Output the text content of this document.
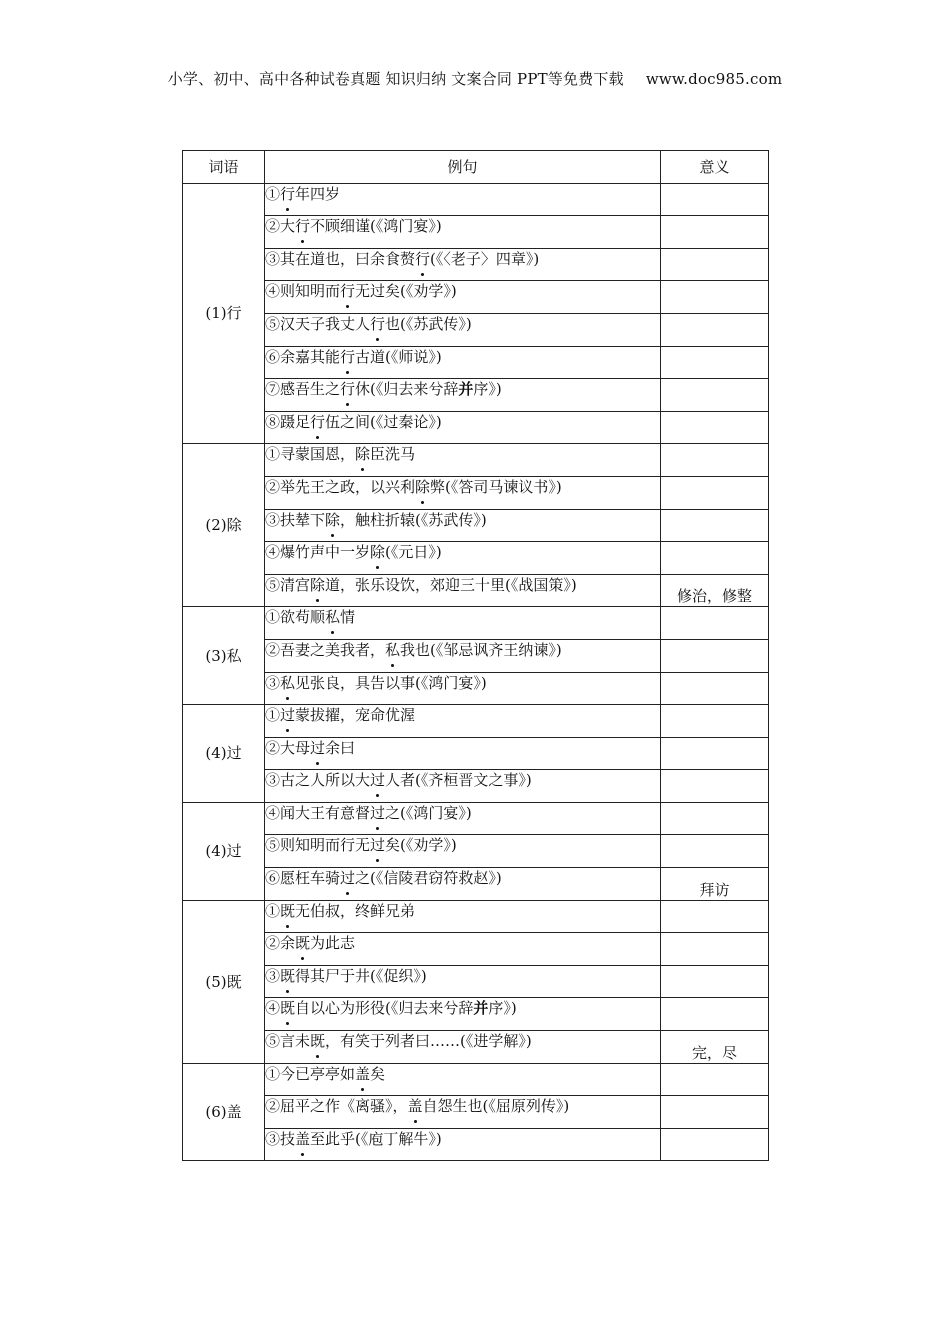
小学、初中、高中各种试卷真题 知识归纳 文案合同 PPT等免费下载 www.doc985.com
词语	例句	意义
(1)行	①行年四岁	
	②大行不顾细谨(《鸿门宴》)	
	③其在道也，曰余食赘行(《〈老子〉四章》)	
	④则知明而行无过矣(《劝学》)	
	⑤汉天子我丈人行也(《苏武传》)	
	⑥余嘉其能行古道(《师说》)	
	⑦感吾生之行休(《归去来兮辞并序》)	
	⑧蹑足行伍之间(《过秦论》)	
(2)除	①寻蒙国恩，除臣洗马	
	②举先王之政，以兴利除弊(《答司马谏议书》)	
	③扶辇下除，触柱折辕(《苏武传》)	
	④爆竹声中一岁除(《元日》)	
	⑤清宫除道，张乐设饮，郊迎三十里(《战国策》)	修治，修整
(3)私	①欲苟顺私情	
	②吾妻之美我者，私我也(《邹忌讽齐王纳谏》)	
	③私见张良，具告以事(《鸿门宴》)	
(4)过	①过蒙拔擢，宠命优渥	
	②大母过余曰	
	③古之人所以大过人者(《齐桓晋文之事》)	
(4)过	④闻大王有意督过之(《鸿门宴》)	
	⑤则知明而行无过矣(《劝学》)	
	⑥愿枉车骑过之(《信陵君窃符救赵》)	拜访
(5)既	①既无伯叔，终鲜兄弟	
	②余既为此志	
	③既得其尸于井(《促织》)	
	④既自以心为形役(《归去来兮辞并序》)	
	⑤言未既，有笑于列者曰……(《进学解》)	完，尽
(6)盖	①今已亭亭如盖矣	
	②屈平之作《离骚》，盖自怨生也(《屈原列传》)	
	③技盖至此乎(《庖丁解牛》)	
